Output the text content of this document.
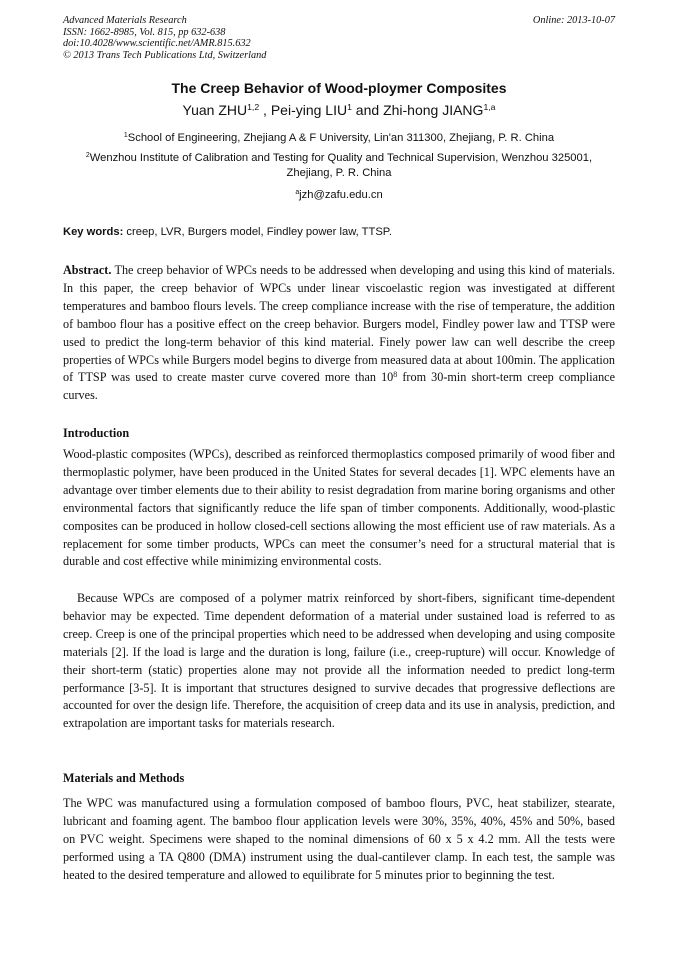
Advanced Materials Research
ISSN: 1662-8985, Vol. 815, pp 632-638
doi:10.4028/www.scientific.net/AMR.815.632
© 2013 Trans Tech Publications Ltd, Switzerland
Online: 2013-10-07
The Creep Behavior of Wood-ploymer Composites
Yuan ZHU$^{1,2}$ , Pei-ying LIU$^1$ and Zhi-hong JIANG$^{1,a}$
$^1$School of Engineering, Zhejiang A & F University, Lin'an 311300, Zhejiang, P. R. China
$^2$Wenzhou Institute of Calibration and Testing for Quality and Technical Supervision, Wenzhou 325001,
Zhejiang, P. R. China
$^a$jzh@zafu.edu.cn
Key words: creep, LVR, Burgers model, Findley power law, TTSP.
Abstract. The creep behavior of WPCs needs to be addressed when developing and using this kind of materials. In this paper, the creep behavior of WPCs under linear viscoelastic region was investigated at different temperatures and bamboo flours levels. The creep compliance increase with the rise of temperature, the addition of bamboo flour has a positive effect on the creep behavior. Burgers model, Findley power law and TTSP were used to predict the long-term behavior of this kind material. Finely power law can well describe the creep properties of WPCs while Burgers model begins to diverge from measured data at about 100min. The application of TTSP was used to create master curve covered more than $10^8$ from 30-min short-term creep compliance curves.
Introduction
Wood-plastic composites (WPCs), described as reinforced thermoplastics composed primarily of wood fiber and thermoplastic polymer, have been produced in the United States for several decades [1]. WPC elements have an advantage over timber elements due to their ability to resist degradation from marine boring organisms and other environmental factors that significantly reduce the life span of timber components. Additionally, wood-plastic composites can be produced in hollow closed-cell sections allowing the most efficient use of raw materials. As a replacement for some timber products, WPCs can meet the consumer’s need for a structural material that is durable and cost effective while minimizing environmental costs.
Because WPCs are composed of a polymer matrix reinforced by short-fibers, significant time-dependent behavior may be expected. Time dependent deformation of a material under sustained load is referred to as creep. Creep is one of the principal properties which need to be addressed when developing and using composite materials [2]. If the load is large and the duration is long, failure (i.e., creep-rupture) will occur. Knowledge of their short-term (static) properties alone may not provide all the information needed to predict long-term performance [3-5]. It is important that structures designed to survive decades that progressive deflections are accounted for over the design life. Therefore, the acquisition of creep data and its use in analysis, prediction, and extrapolation are important tasks for materials research.
Materials and Methods
The WPC was manufactured using a formulation composed of bamboo flours, PVC, heat stabilizer, stearate, lubricant and foaming agent. The bamboo flour application levels were 30%, 35%, 40%, 45% and 50%, based on PVC weight. Specimens were shaped to the nominal dimensions of 60 x 5 x 4.2 mm. All the tests were performed using a TA Q800 (DMA) instrument using the dual-cantilever clamp. In each test, the sample was heated to the desired temperature and allowed to equilibrate for 5 minutes prior to beginning the test.
